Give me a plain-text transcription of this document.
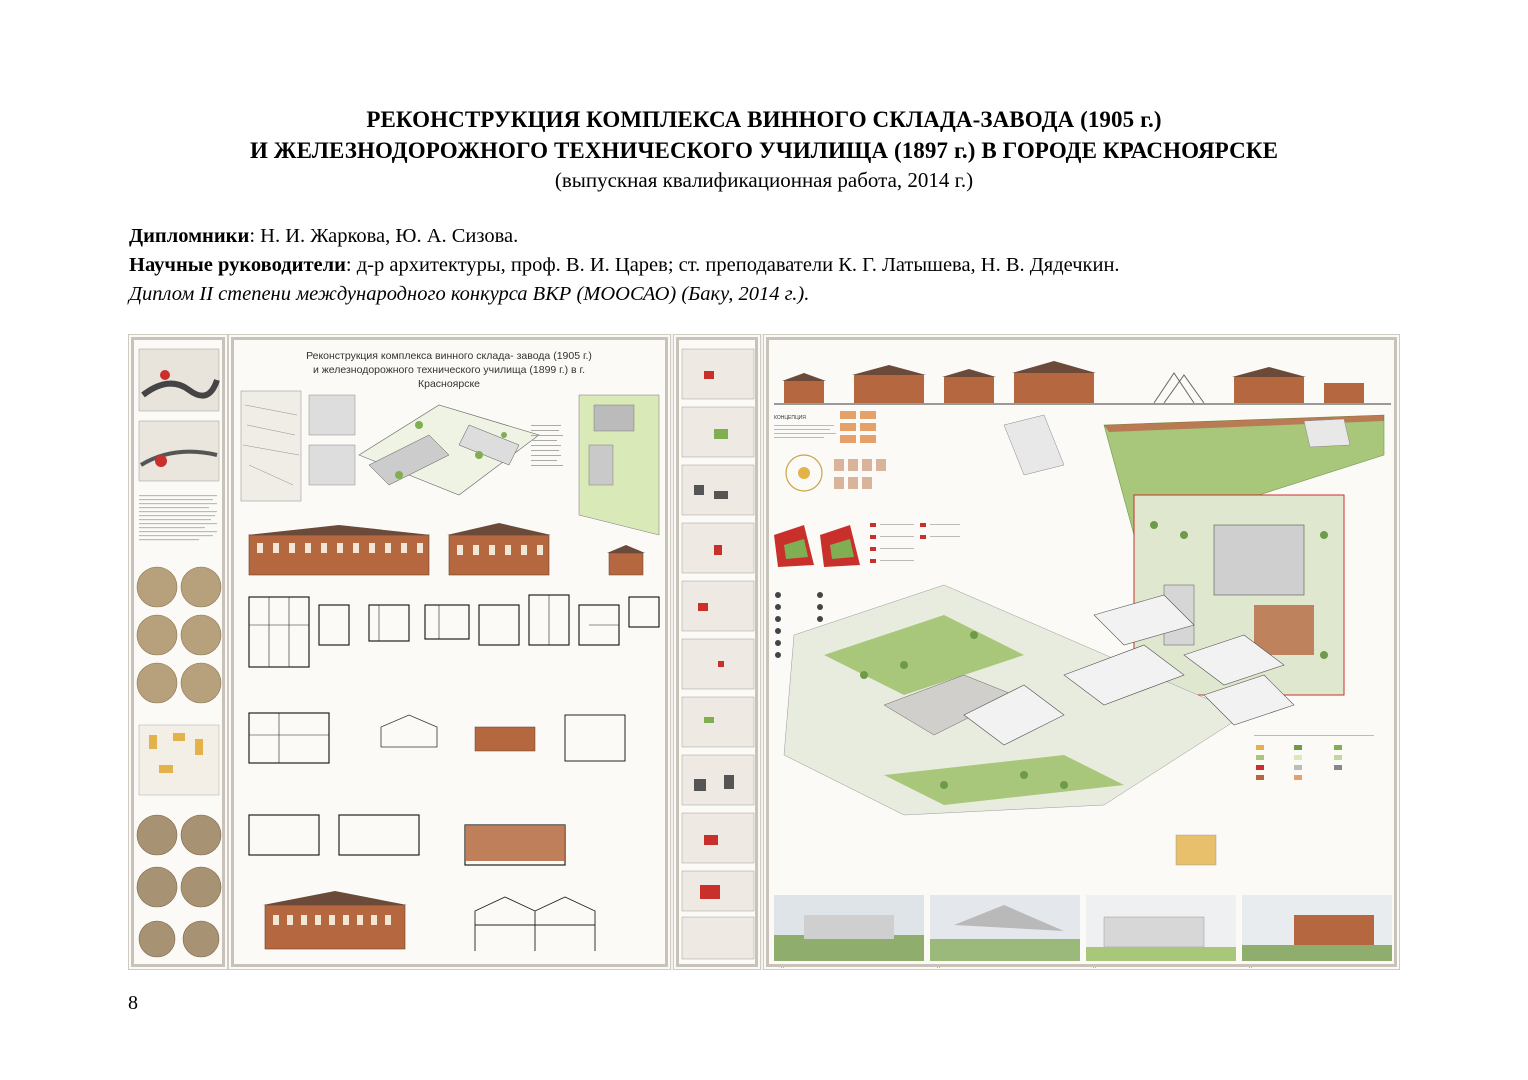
РЕКОНСТРУКЦИЯ КОМПЛЕКСА ВИННОГО СКЛАДА-ЗАВОДА (1905 г.)
И ЖЕЛЕЗНОДОРОЖНОГО ТЕХНИЧЕСКОГО УЧИЛИЩА (1897 г.) В ГОРОДЕ КРАСНОЯРСКЕ
(выпускная квалификационная работа, 2014 г.)
Дипломники: Н. И. Жаркова, Ю. А. Сизова.
Научные руководители: д-р архитектуры, проф. В. И. Царев; ст. преподаватели К. Г. Латышева, Н. В. Дядечкин.
Диплом II степени международного конкурса ВКР (МООСАО) (Баку, 2014 г.).
Реконструкция комплекса винного склада- завода (1905 г.)
и железнодорожного технического училища (1899 г.) в г. Красноярске
КОНЦЕПЦИЯ
Вид 1	Вид 2	Вид 3	Вид 4
8
